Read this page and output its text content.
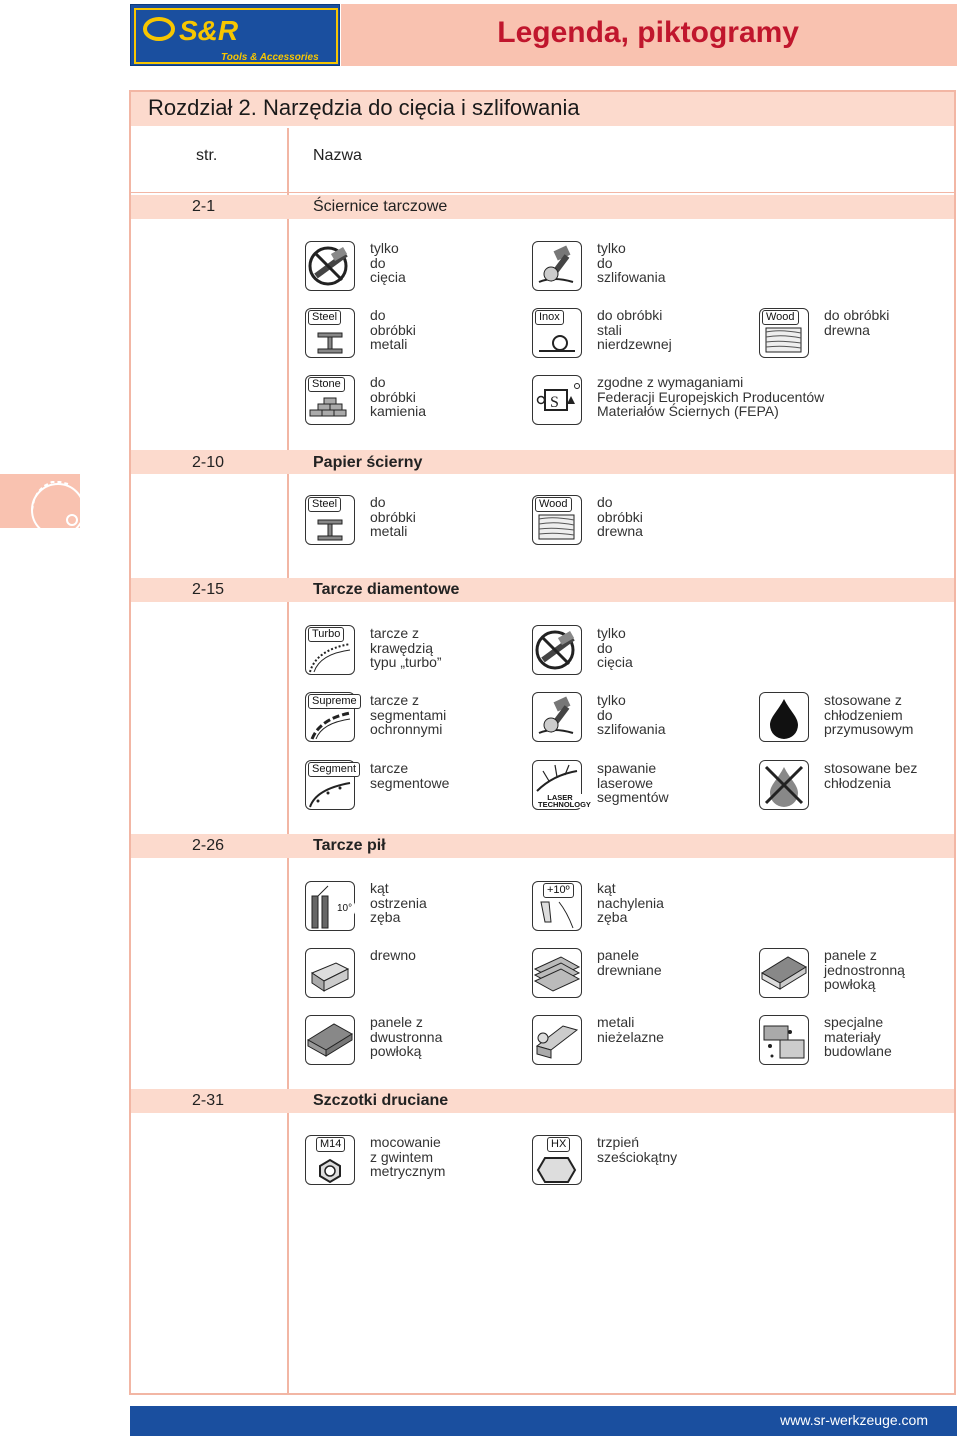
S&R
Tools & Accessories
Legenda, piktogramy
Rozdział 2. Narzędzia do cięcia i szlifowania
str.	Nazwa
2-1	Ściernice tarczowe
2-10	Papier ścierny
2-15	Tarcze diamentowe
2-26	Tarcze pił
2-31	Szczotki druciane
tylko
do
cięcia
tylko
do
szlifowania
Steel do
obróbki
metali
Inox	do obróbki
stali
nierdzewnej
Wood do obróbki
drewna
Stone do
obróbki
kamienia
S
zgodne z wymaganiami
Federacji Europejskich Producentów
Materiałów Ściernych (FEPA)
Steel do
obróbki
metali
Wood do
obróbki
drewna
Turbo tarcze z
krawędzią
typu „turbo”
tylko
do
cięcia
Supreme tarcze z
segmentami
ochronnymi
tylko
do
szlifowania
stosowane z
chłodzeniem
przymusowym
Segment tarcze
segmentowe
LASER TECHNOLOGY
spawanie
laserowe
segmentów
stosowane bez
chłodzenia
10°
kąt
ostrzenia
zęba
+10º kąt
nachylenia
zęba
drewno	panele
drewniane
panele z
jednostronną
powłoką
panele z
dwustronna
powłoką
metali
nieżelazne
specjalne
materiały
budowlane
M14 mocowanie
z gwintem
metrycznym
HX trzpień
sześciokątny
www.sr-werkzeuge.com
